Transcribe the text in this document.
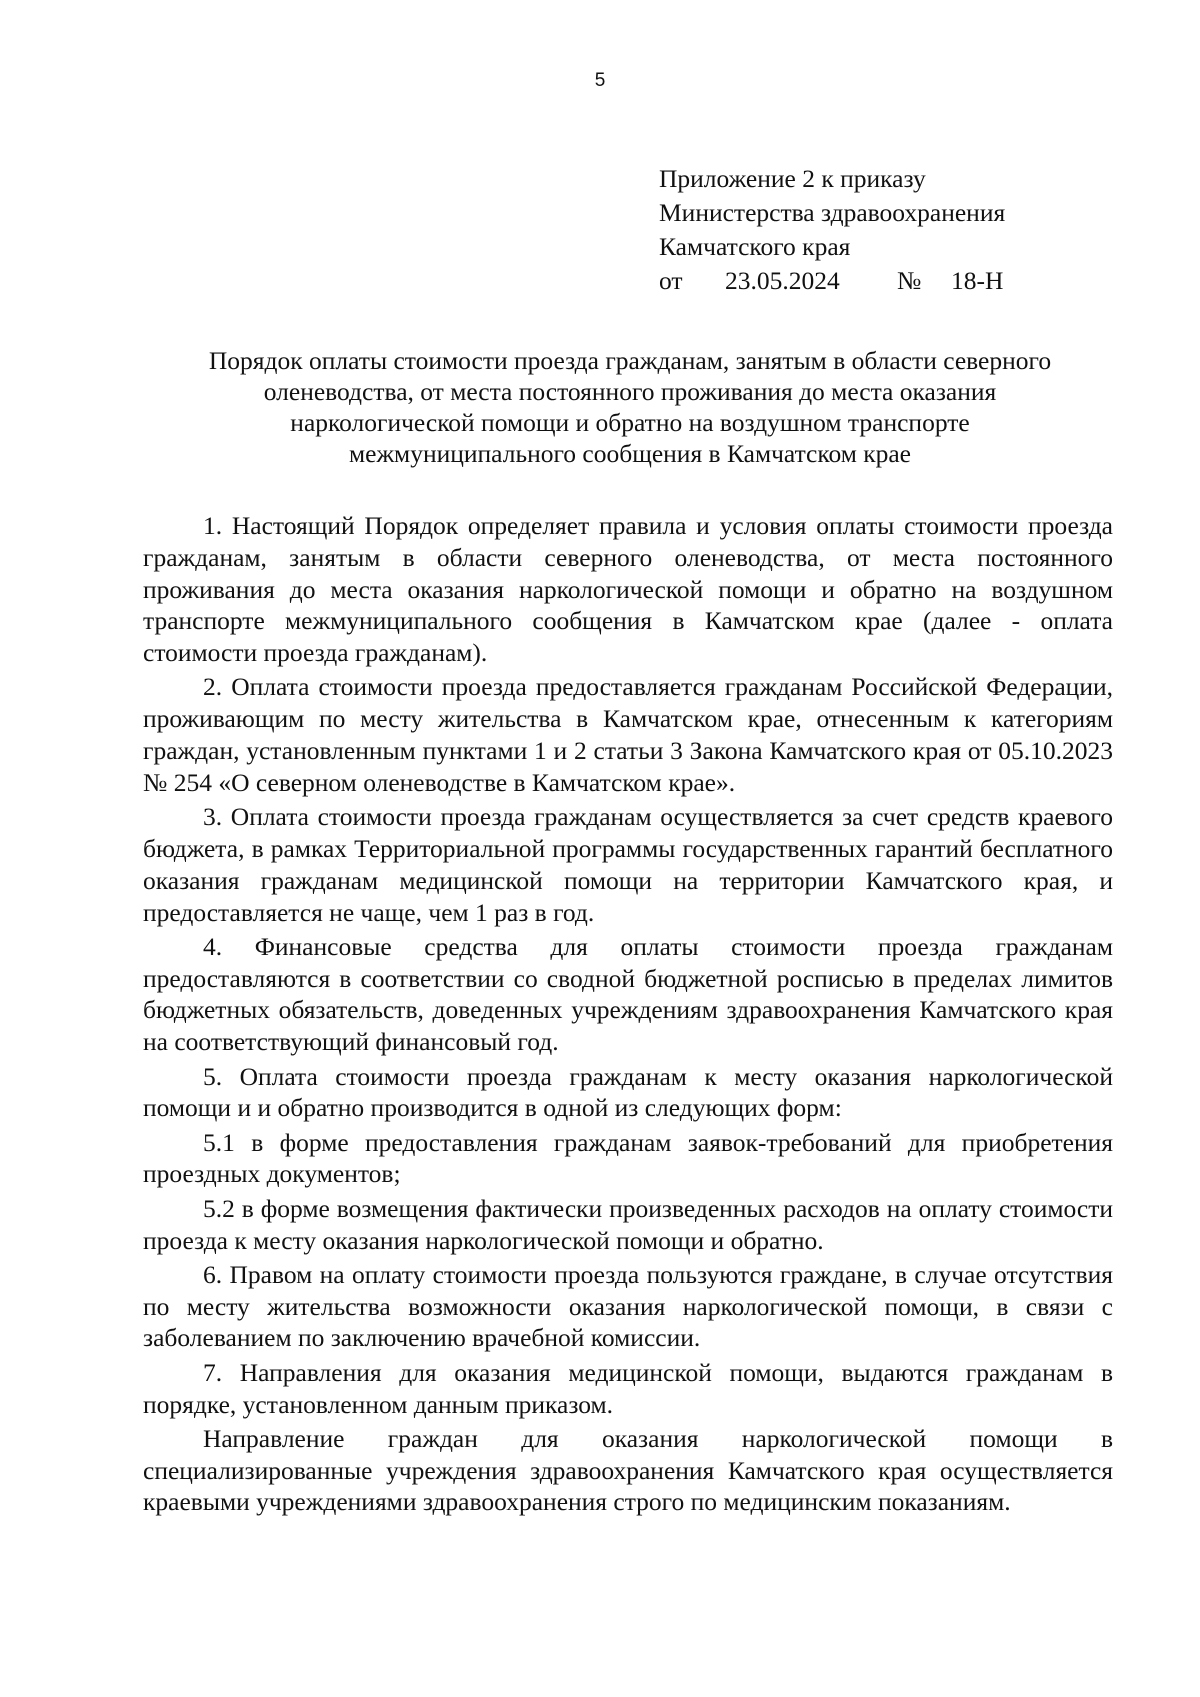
5
Приложение 2 к приказу
Министерства здравоохранения
Камчатского края
от 23.05.2024 № 18-Н
Порядок оплаты стоимости проезда гражданам, занятым в области северного
оленеводства, от места постоянного проживания до места оказания
наркологической помощи и обратно на воздушном транспорте
межмуниципального сообщения в Камчатском крае

1. Настоящий Порядок определяет правила и условия оплаты стоимости проезда гражданам, занятым в области северного оленеводства, от места постоянного проживания до места оказания наркологической помощи и обратно на воздушном транспорте межмуниципального сообщения в Камчатском крае (далее - оплата стоимости проезда гражданам).

2. Оплата стоимости проезда предоставляется гражданам Российской Федерации, проживающим по месту жительства в Камчатском крае, отнесенным к категориям граждан, установленным пунктами 1 и 2 статьи 3 Закона Камчатского края от 05.10.2023 № 254 «О северном оленеводстве в Камчатском крае».

3. Оплата стоимости проезда гражданам осуществляется за счет средств краевого бюджета, в рамках Территориальной программы государственных гарантий бесплатного оказания гражданам медицинской помощи на территории Камчатского края, и предоставляется не чаще, чем 1 раз в год.

4. Финансовые средства для оплаты стоимости проезда гражданам предоставляются в соответствии со сводной бюджетной росписью в пределах лимитов бюджетных обязательств, доведенных учреждениям здравоохранения Камчатского края на соответствующий финансовый год.

5. Оплата стоимости проезда гражданам к месту оказания наркологической помощи и и обратно производится в одной из следующих форм:

5.1 в форме предоставления гражданам заявок-требований для приобретения проездных документов;

5.2 в форме возмещения фактически произведенных расходов на оплату стоимости проезда к месту оказания наркологической помощи и обратно.

6. Правом на оплату стоимости проезда пользуются граждане, в случае отсутствия по месту жительства возможности оказания наркологической помощи, в связи с заболеванием по заключению врачебной комиссии.

7. Направления для оказания медицинской помощи, выдаются гражданам в порядке, установленном данным приказом.

Направление граждан для оказания наркологической помощи в специализированные учреждения здравоохранения Камчатского края осуществляется краевыми учреждениями здравоохранения строго по медицинским показаниям.
